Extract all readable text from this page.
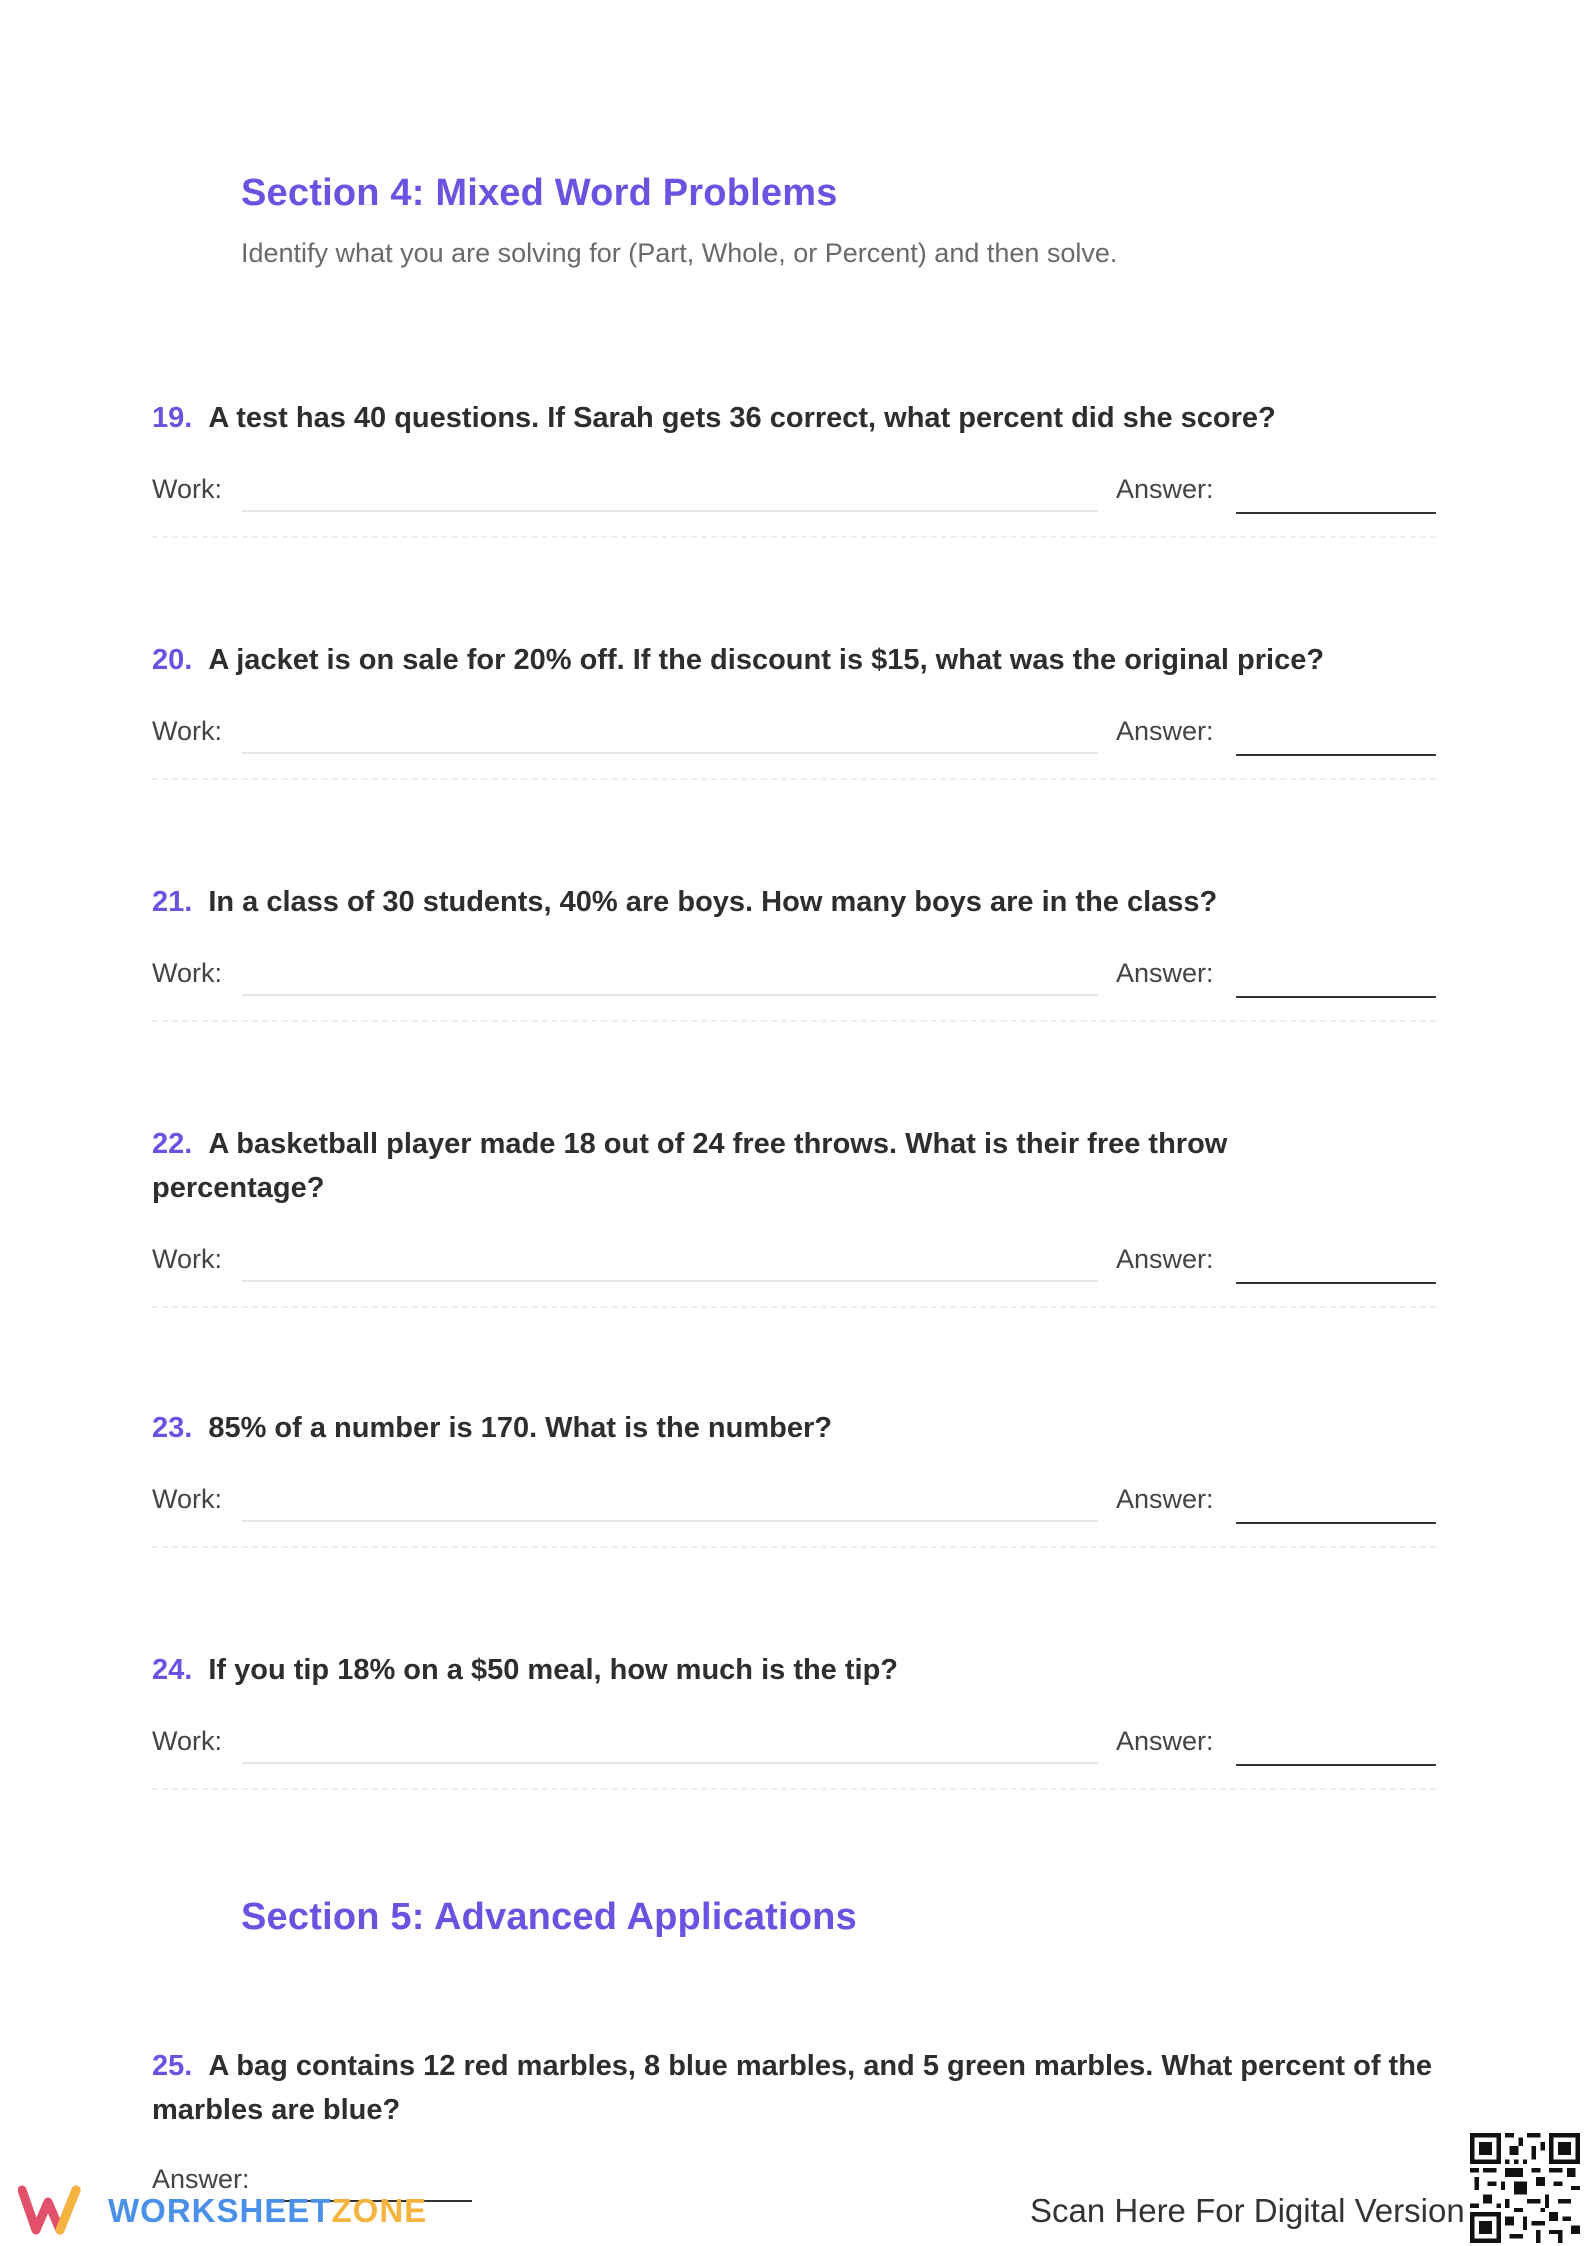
Section 4: Mixed Word Problems
Identify what you are solving for (Part, Whole, or Percent) and then solve.
19. A test has 40 questions. If Sarah gets 36 correct, what percent did she score?
Work:	Answer:
20. A jacket is on sale for 20% off. If the discount is $15, what was the original price?
Work:	Answer:
21. In a class of 30 students, 40% are boys. How many boys are in the class?
Work:	Answer:
22. A basketball player made 18 out of 24 free throws. What is their free throw percentage?
Work:	Answer:
23. 85% of a number is 170. What is the number?
Work:	Answer:
24. If you tip 18% on a $50 meal, how much is the tip?
Work:	Answer:
Section 5: Advanced Applications
25. A bag contains 12 red marbles, 8 blue marbles, and 5 green marbles. What percent of the marbles are blue?
Answer:
WORKSHEETZONE	Scan Here For Digital Version
